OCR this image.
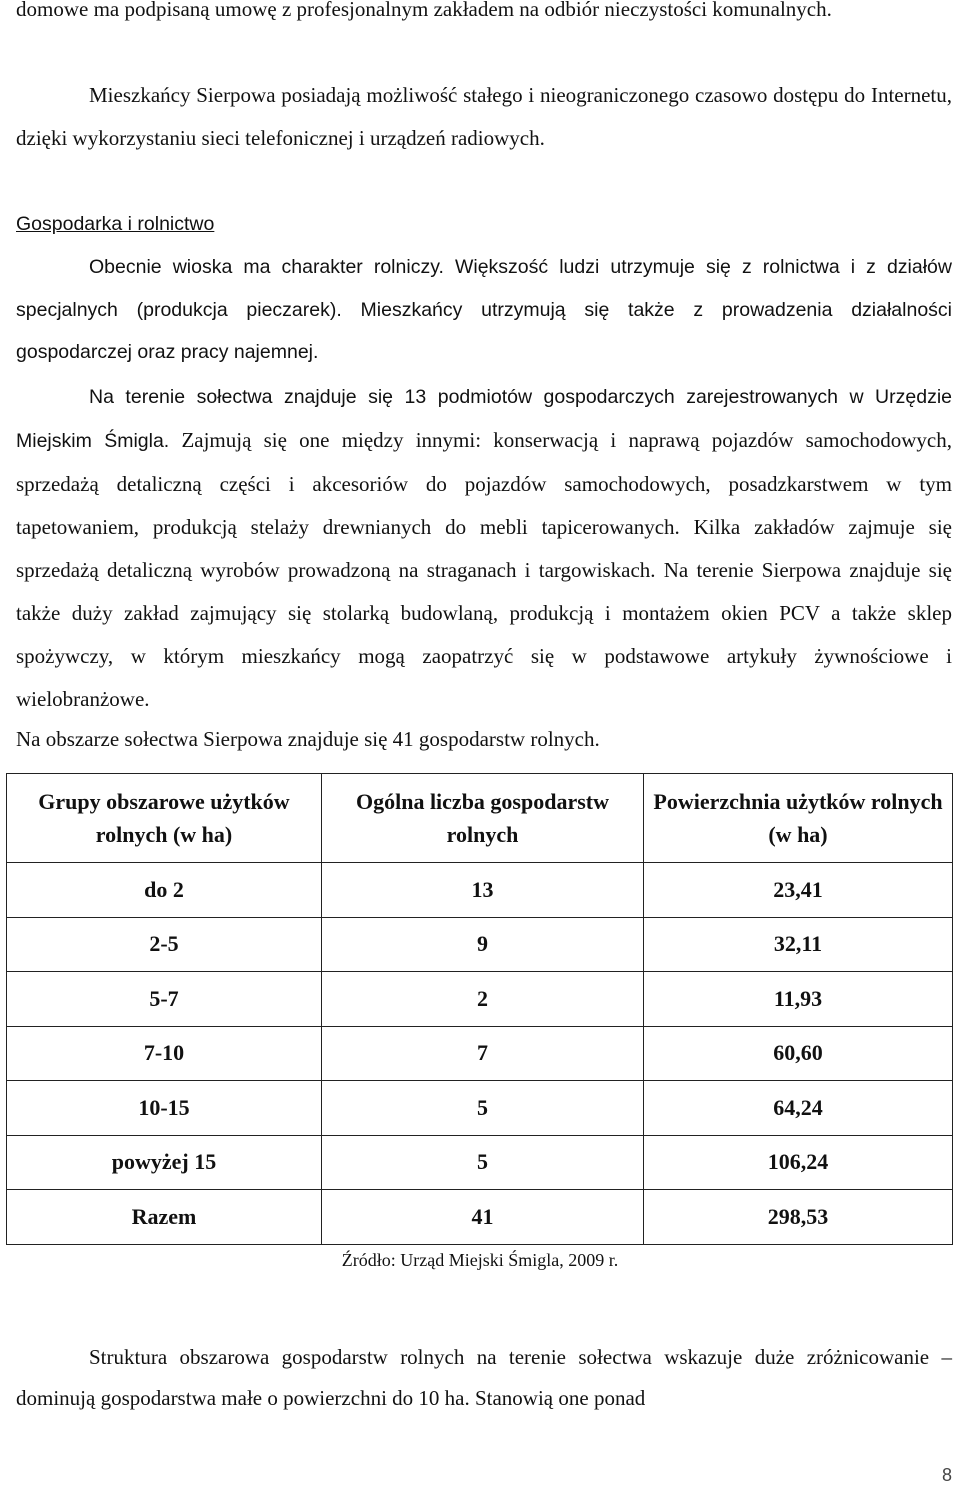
domowe ma podpisaną umowę z profesjonalnym zakładem na odbiór nieczystości komunalnych.

Mieszkańcy Sierpowa posiadają możliwość stałego i nieograniczonego czasowo dostępu do Internetu, dzięki wykorzystaniu sieci telefonicznej i urządzeń radiowych.

Gospodarka i rolnictwo

Obecnie wioska ma charakter rolniczy. Większość ludzi utrzymuje się z rolnictwa i z działów specjalnych (produkcja pieczarek). Mieszkańcy utrzymują się także z prowadzenia działalności gospodarczej oraz pracy najemnej.

Na terenie sołectwa znajduje się 13 podmiotów gospodarczych zarejestrowanych w Urzędzie Miejskim Śmigla. Zajmują się one między innymi: konserwacją i naprawą pojazdów samochodowych, sprzedażą detaliczną części i akcesoriów do pojazdów samochodowych, posadzkarstwem w tym tapetowaniem, produkcją stelaży drewnianych do mebli tapicerowanych. Kilka zakładów zajmuje się sprzedażą detaliczną wyrobów prowadzoną na straganach i targowiskach. Na terenie Sierpowa znajduje się także duży zakład zajmujący się stolarką budowlaną, produkcją i montażem okien PCV a także sklep spożywczy, w którym mieszkańcy mogą zaopatrzyć się w podstawowe artykuły żywnościowe i wielobranżowe.

Na obszarze sołectwa Sierpowa znajduje się 41 gospodarstw rolnych.

Grupy obszarowe użytków rolnych (w ha)	Ogólna liczba gospodarstw rolnych	Powierzchnia użytków rolnych (w ha)
do 2	13	23,41
2-5	9	32,11
5-7	2	11,93
7-10	7	60,60
10-15	5	64,24
powyżej 15	5	106,24
Razem	41	298,53
Źródło: Urząd Miejski Śmigla, 2009 r.

Struktura obszarowa gospodarstw rolnych na terenie sołectwa wskazuje duże zróżnicowanie – dominują gospodarstwa małe o powierzchni do 10 ha. Stanowią one ponad

8
